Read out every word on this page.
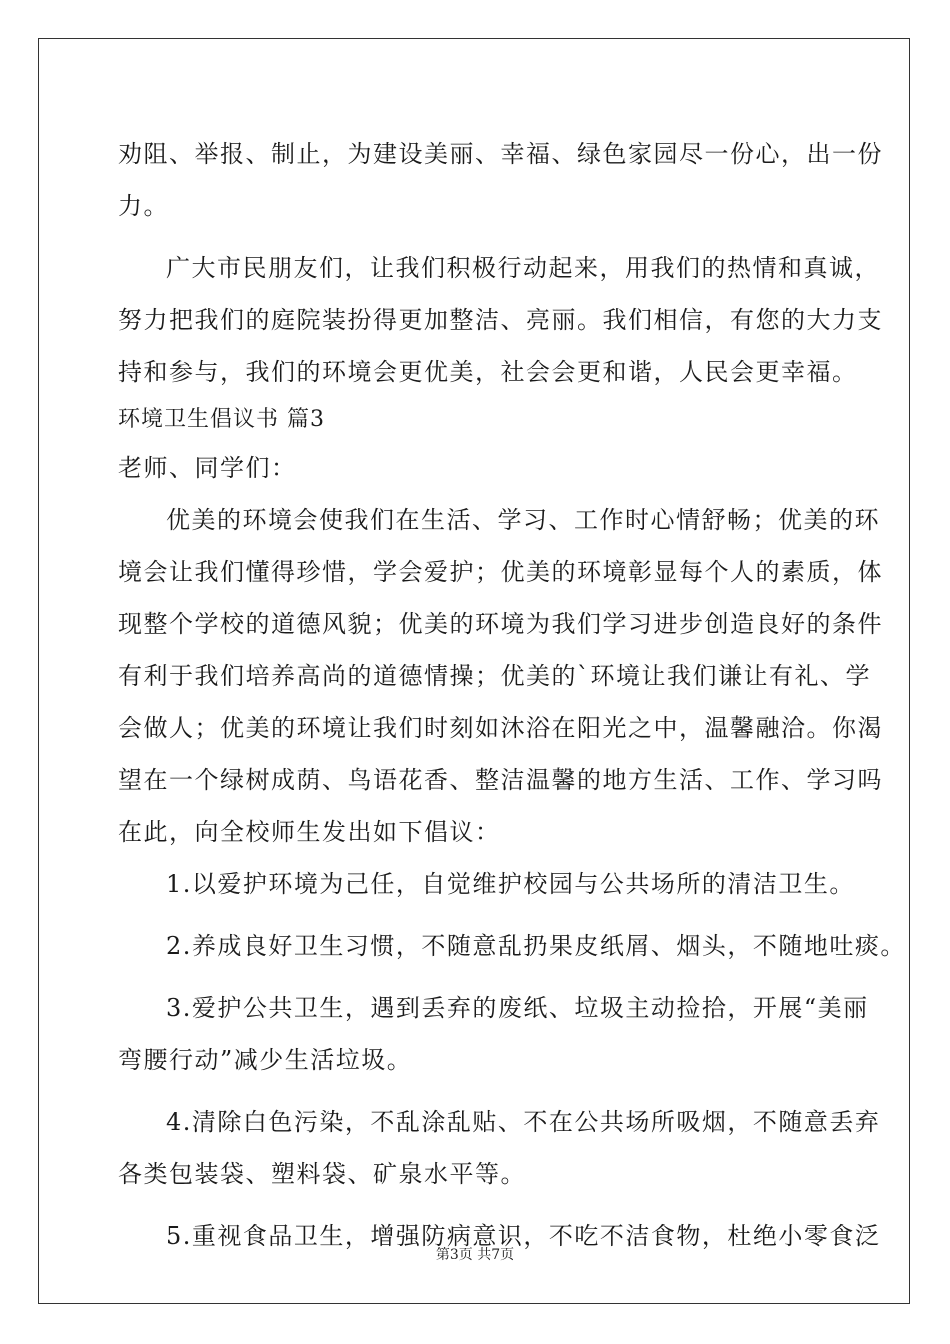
劝阻、举报、制止，为建设美丽、幸福、绿色家园尽一份心，出一份

力。

广大市民朋友们，让我们积极行动起来，用我们的热情和真诚，

努力把我们的庭院装扮得更加整洁、亮丽。我们相信，有您的大力支

持和参与，我们的环境会更优美，社会会更和谐，人民会更幸福。

环境卫生倡议书 篇3

老师、同学们：

优美的环境会使我们在生活、学习、工作时心情舒畅；优美的环

境会让我们懂得珍惜，学会爱护；优美的环境彰显每个人的素质，体

现整个学校的道德风貌；优美的环境为我们学习进步创造良好的条件

有利于我们培养高尚的道德情操；优美的`环境让我们谦让有礼、学

会做人；优美的环境让我们时刻如沐浴在阳光之中，温馨融洽。你渴

望在一个绿树成荫、鸟语花香、整洁温馨的地方生活、工作、学习吗

在此，向全校师生发出如下倡议：

1.以爱护环境为己任，自觉维护校园与公共场所的清洁卫生。

2.养成良好卫生习惯，不随意乱扔果皮纸屑、烟头，不随地吐痰。

3.爱护公共卫生，遇到丢弃的废纸、垃圾主动捡拾，开展“美丽

弯腰行动”减少生活垃圾。

4.清除白色污染，不乱涂乱贴、不在公共场所吸烟，不随意丢弃

各类包装袋、塑料袋、矿泉水平等。

5.重视食品卫生，增强防病意识，不吃不洁食物，杜绝小零食泛

第3页 共7页
